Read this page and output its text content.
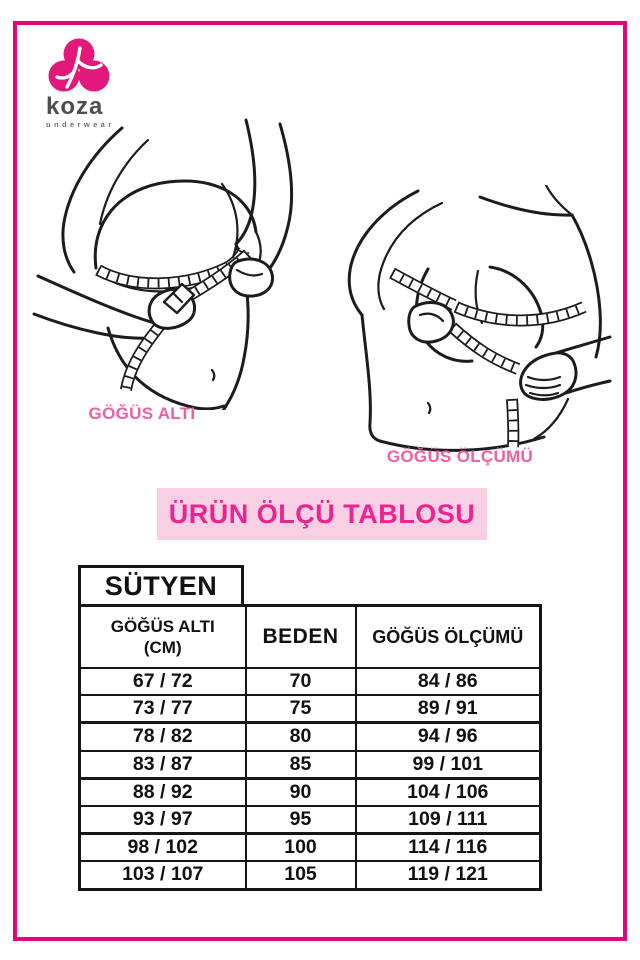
koza
underwear
GÖĞÜS ALTI
GÖĞÜS ÖLÇÜMÜ
ÜRÜN ÖLÇÜ TABLOSU
SÜTYEN
GÖĞÜS ALTI (CM)	BEDEN	GÖĞÜS ÖLÇÜMÜ
67 / 72	70	84 / 86
73 / 77	75	89 / 91
78 / 82	80	94 / 96
83 / 87	85	99 / 101
88 / 92	90	104 / 106
93 / 97	95	109 / 111
98 / 102	100	114 / 116
103 / 107	105	119 / 121
